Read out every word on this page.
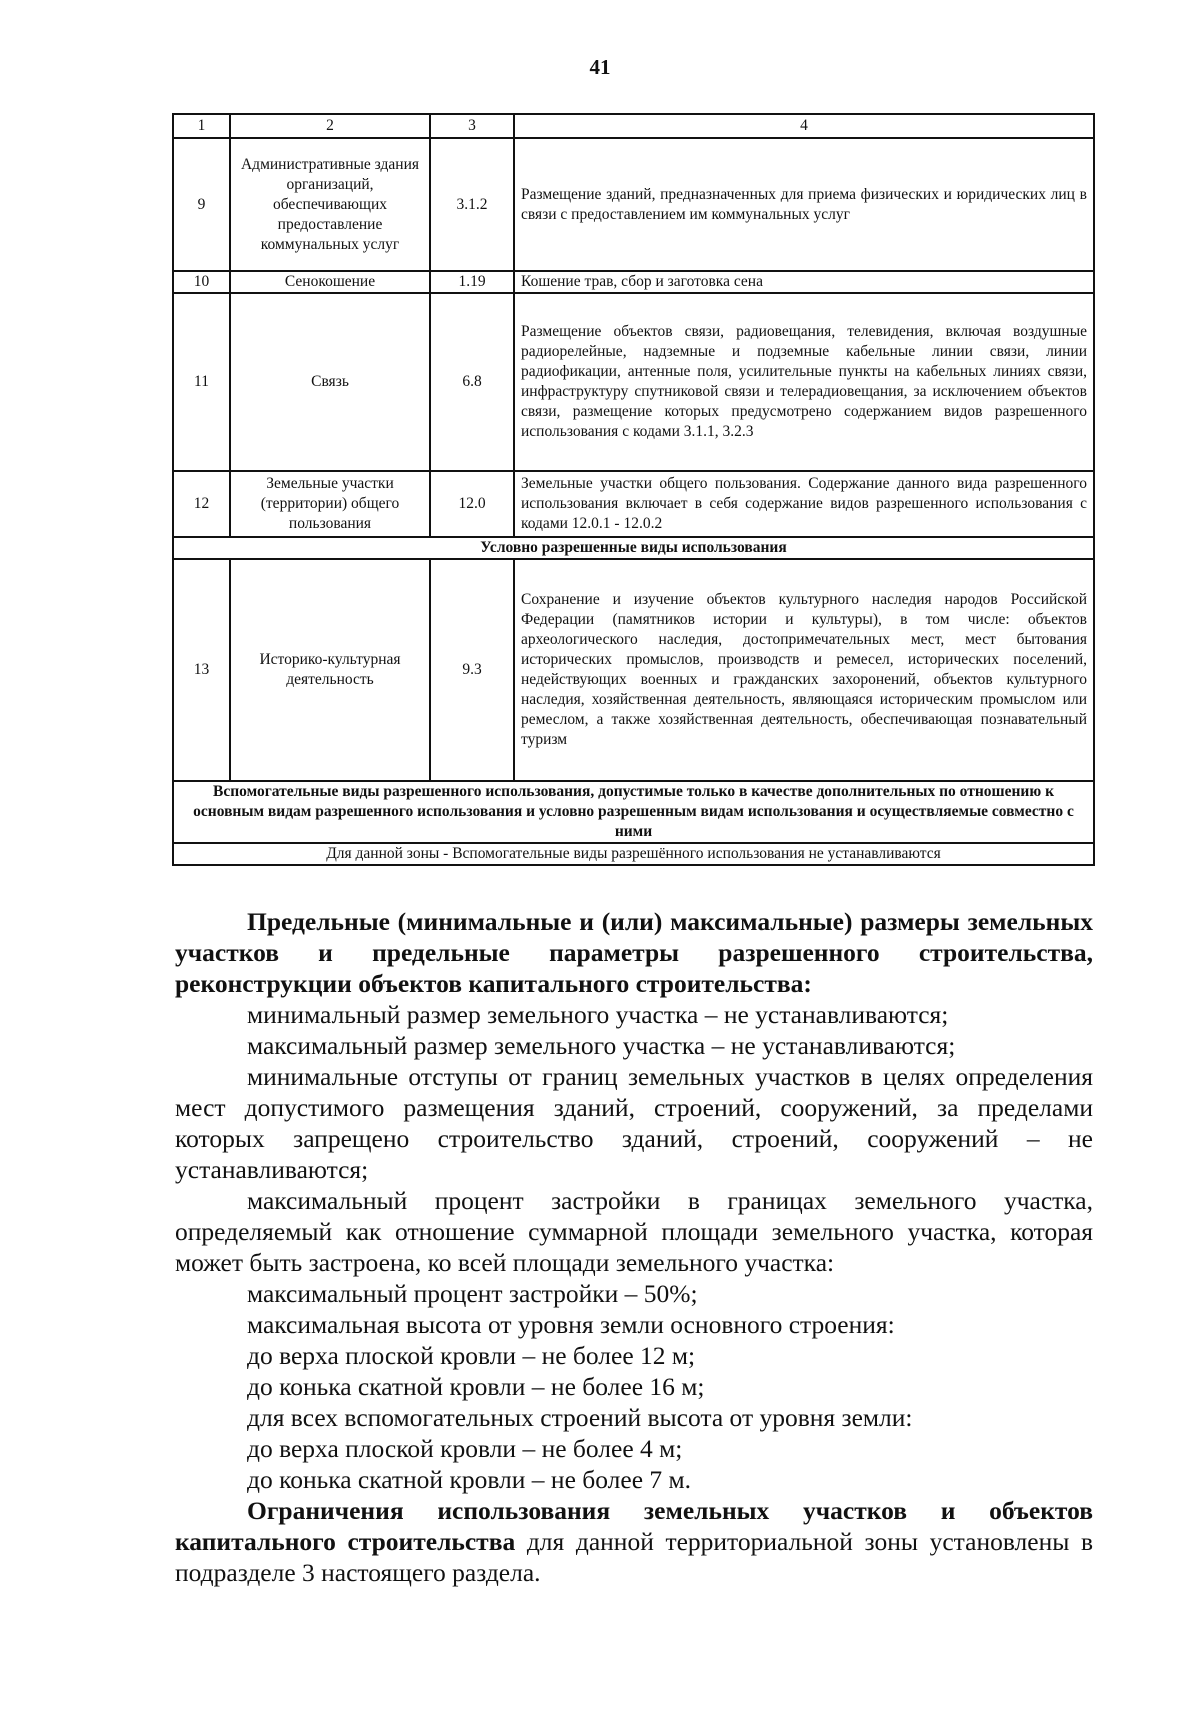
41
1	2	3	4
9	Административные здания организаций, обеспечивающих предоставление коммунальных услуг	3.1.2	Размещение зданий, предназначенных для приема физических и юридических лиц в связи с предоставлением им коммунальных услуг
10	Сенокошение	1.19	Кошение трав, сбор и заготовка сена
11	Связь	6.8	Размещение объектов связи, радиовещания, телевидения, включая воздушные радиорелейные, надземные и подземные кабельные линии связи, линии радиофикации, антенные поля, усилительные пункты на кабельных линиях связи, инфраструктуру спутниковой связи и телерадиовещания, за исключением объектов связи, размещение которых предусмотрено содержанием видов разрешенного использования с кодами 3.1.1, 3.2.3
12	Земельные участки (территории) общего пользования	12.0	Земельные участки общего пользования. Содержание данного вида разрешенного использования включает в себя содержание видов разрешенного использования с кодами 12.0.1 - 12.0.2
Условно разрешенные виды использования			
13	Историко-культурная деятельность	9.3	Сохранение и изучение объектов культурного наследия народов Российской Федерации (памятников истории и культуры), в том числе: объектов археологического наследия, достопримечательных мест, мест бытования исторических промыслов, производств и ремесел, исторических поселений, недействующих военных и гражданских захоронений, объектов культурного наследия, хозяйственная деятельность, являющаяся историческим промыслом или ремеслом, а также хозяйственная деятельность, обеспечивающая познавательный туризм
Вспомогательные виды разрешенного использования, допустимые только в качестве дополнительных по отношению к основным видам разрешенного использования и условно разрешенным видам использования и осуществляемые совместно с ними			
Для данной зоны - Вспомогательные виды разрешённого использования не устанавливаются			

Предельные (минимальные и (или) максимальные) размеры земельных участков и предельные параметры разрешенного строительства, реконструкции объектов капитального строительства:

минимальный размер земельного участка – не устанавливаются;

максимальный размер земельного участка – не устанавливаются;

минимальные отступы от границ земельных участков в целях определения мест допустимого размещения зданий, строений, сооружений, за пределами которых запрещено строительство зданий, строений, сооружений – не устанавливаются;

максимальный процент застройки в границах земельного участка, определяемый как отношение суммарной площади земельного участка, которая может быть застроена, ко всей площади земельного участка:

максимальный процент застройки – 50%;

максимальная высота от уровня земли основного строения:

до верха плоской кровли – не более 12 м;

до конька скатной кровли – не более 16 м;

для всех вспомогательных строений высота от уровня земли:

до верха плоской кровли – не более 4 м;

до конька скатной кровли – не более 7 м.

Ограничения использования земельных участков и объектов капитального строительства для данной территориальной зоны установлены в подразделе 3 настоящего раздела.
